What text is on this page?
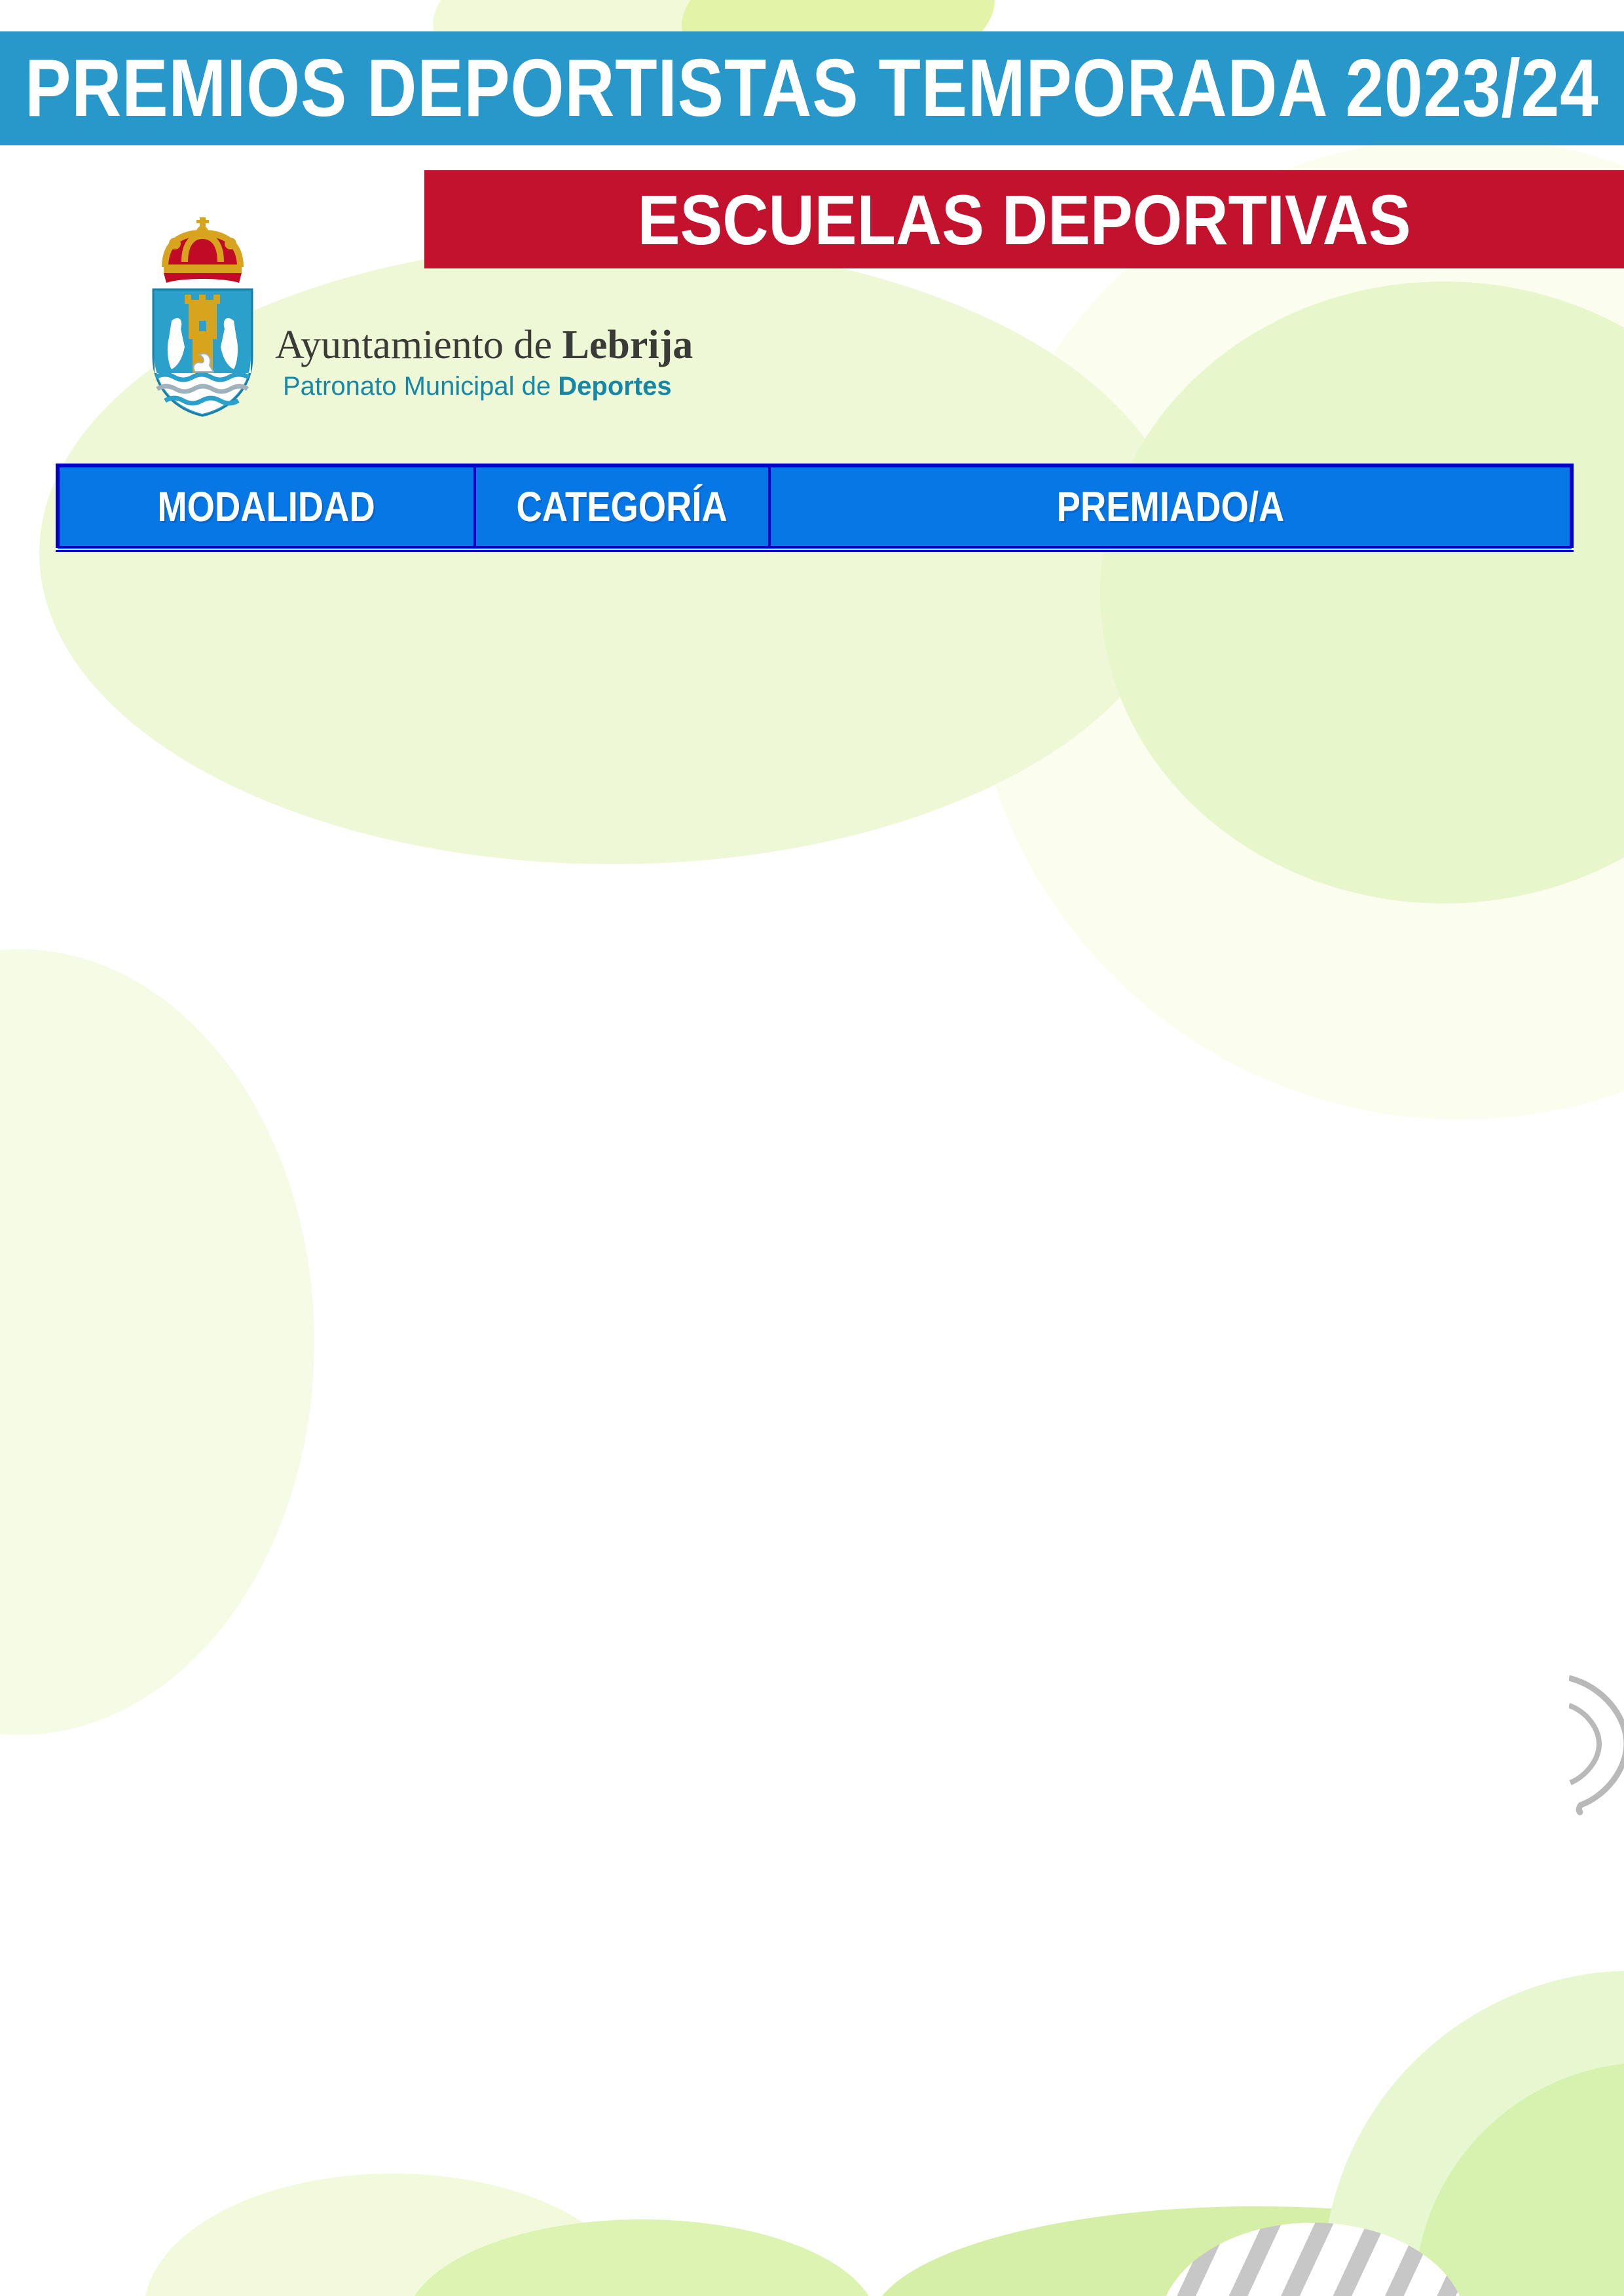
PREMIOS DEPORTISTAS TEMPORADA 2023/24
ESCUELAS DEPORTIVAS
Ayuntamiento de Lebrija
Patronato Municipal de Deportes
MODALIDAD	CATEGORÍA	PREMIADO/A
